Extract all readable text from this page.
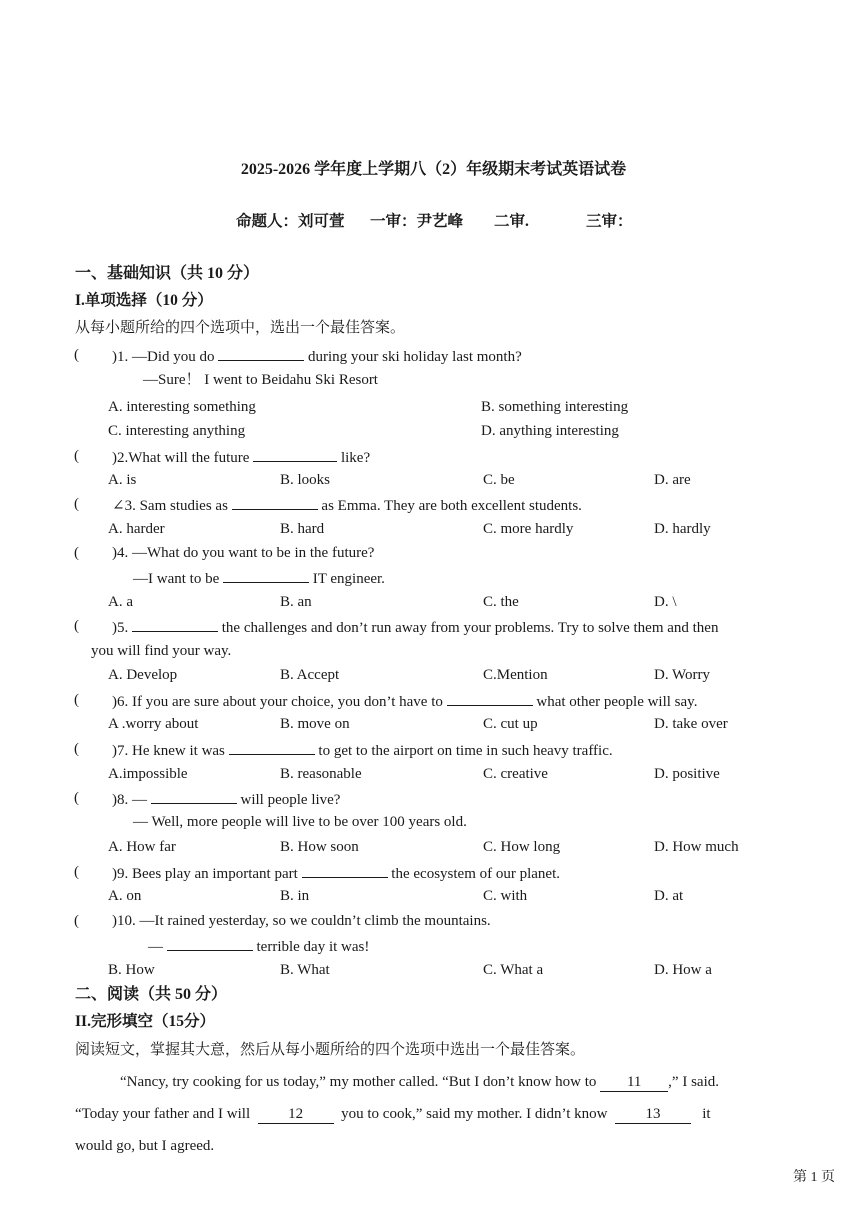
2025-2026 学年度上学期八（2）年级期末考试英语试卷
命题人：刘可萱 一审：尹艺峰 二审.	三审：
一、基础知识（共 10 分）
I.单项选择（10 分）
从每小题所给的四个选项中，选出一个最佳答案。
( )1. —Did you do	during your ski holiday last month?
—Sure！ I went to Beidahu Ski Resort
A. interesting something	B. something interesting
C. interesting anything	D. anything interesting
( )2.What will the future	like?
A. is	B. looks	C. be	D. are
( ∠3. Sam studies as	as Emma. They are both excellent students.
A. harder	B. hard	C. more hardly	D. hardly
( )4. —What do you want to be in the future?
—I want to be	IT engineer.
A. a	B. an	C. the	D. \
( )5.	the challenges and don’t run away from your problems. Try to solve them and then
you will find your way.
A. Develop	B. Accept	C.Mention	D. Worry
( )6. If you are sure about your choice, you don’t have to	what other people will say.
A .worry about	B. move on	C. cut up	D. take over
( )7. He knew it was	to get to the airport on time in such heavy traffic.
A.impossible	B. reasonable	C. creative	D. positive
( )8. —	will people live?
— Well, more people will live to be over 100 years old.
A. How far	B. How soon	C. How long	D. How much
( )9. Bees play an important part	the ecosystem of our planet.
A. on	B. in	C. with	D. at
( )10. —It rained yesterday, so we couldn’t climb the mountains.
—	terrible day it was!
B. How	B. What	C. What a	D. How a
二、阅读（共 50 分）
II.完形填空（15分）
阅读短文，掌握其大意，然后从每小题所给的四个选项中选出一个最佳答案。
“Nancy, try cooking for us today,” my mother called. “But I don’t know how to 11 ,” I said.
“Today your father and I will	12	you to cook,” said my mother. I didn’t know	13	it
would go, but I agreed.
第 1 页
